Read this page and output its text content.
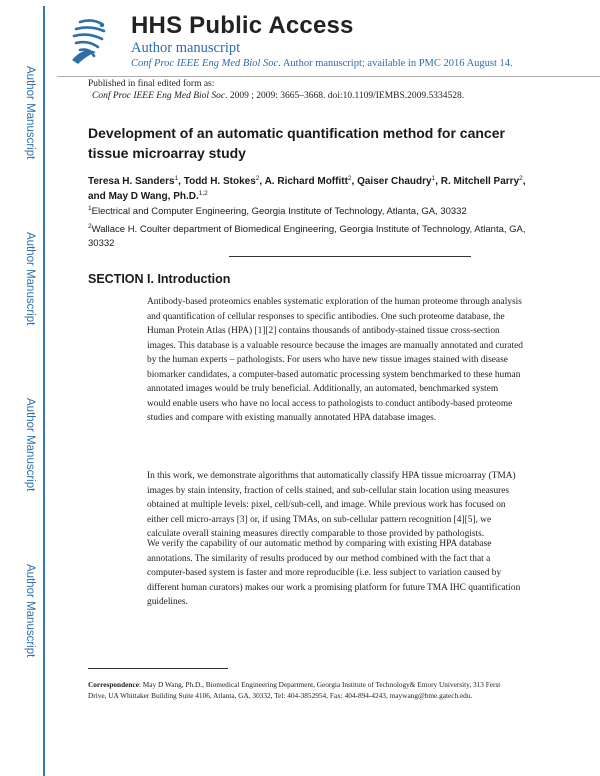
Author Manuscript
Author Manuscript
Author Manuscript
Author Manuscript
HHS Public Access
Author manuscript
Conf Proc IEEE Eng Med Biol Soc. Author manuscript; available in PMC 2016 August 14.
Published in final edited form as:
Conf Proc IEEE Eng Med Biol Soc. 2009 ; 2009: 3665–3668. doi:10.1109/IEMBS.2009.5334528.
Development of an automatic quantification method for cancer tissue microarray study
Teresa H. Sanders$^1$, Todd H. Stokes$^2$, A. Richard Moffitt$^2$, Qaiser Chaudry$^1$, R. Mitchell Parry$^2$, and May D Wang, Ph.D.$^{1,2}$
$^1$Electrical and Computer Engineering, Georgia Institute of Technology, Atlanta, GA, 30332
$^2$Wallace H. Coulter department of Biomedical Engineering, Georgia Institute of Technology, Atlanta, GA, 30332
SECTION I. Introduction

Antibody-based proteomics enables systematic exploration of the human proteome through analysis and quantification of cellular responses to specific antibodies. One such proteome database, the Human Protein Atlas (HPA) [1][2] contains thousands of antibody-stained tissue cross-section images. This database is a valuable resource because the images are manually annotated and curated by the human experts – pathologists. For users who have new tissue images stained with disease biomarker candidates, a computer-based automatic processing system benchmarked to these human annotated images would be truly beneficial. Additionally, an automated, benchmarked system would enable users who have no local access to pathologists to conduct antibody-based proteome studies and compare with existing manually annotated HPA database images.

In this work, we demonstrate algorithms that automatically classify HPA tissue microarray (TMA) images by stain intensity, fraction of cells stained, and sub-cellular stain location using measures obtained at multiple levels: pixel, cell/sub-cell, and image. While previous work has focused on either cell micro-arrays [3] or, if using TMAs, on sub-cellular pattern recognition [4][5], we calculate overall staining measures directly comparable to those provided by pathologists.

We verify the capability of our automatic method by comparing with existing HPA database annotations. The similarity of results produced by our method combined with the fact that a computer-based system is faster and more reproducible (i.e. less subject to variation caused by different human curators) makes our work a promising platform for future TMA IHC quantification guidelines.

Correspondence: May D Wang, Ph.D., Biomedical Engineering Department, Georgia Institute of Technology& Emory University, 313 Ferst Drive, UA Whittaker Building Suite 4106, Atlanta, GA, 30332, Tel: 404-3852954, Fax: 404-894-4243, maywang@bme.gatech.edu.
